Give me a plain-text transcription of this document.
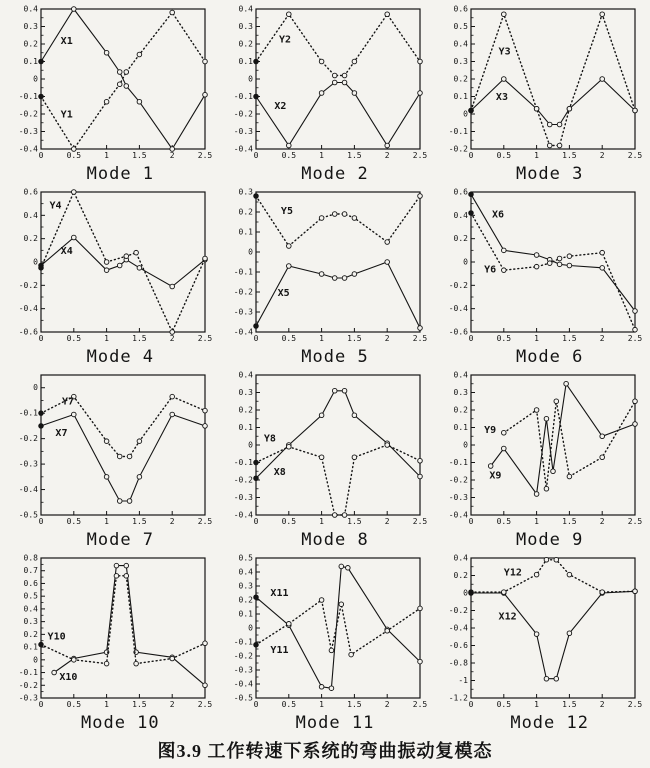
0.4
0.3
0.2
0.1
0
-0.1
-0.2
-0.3
-0.4
0	0.5	1	1.5	2	2.5
X1
Y1
Mode 1
0.4
0.3
0.2
0.1
0
-0.1
-0.2
-0.3
-0.4
0	0.5	1	1.5	2	2.5
X2
Y2
Mode 2
0.6
0.5
0.4
0.3
0.2
0.1
0
-0.1
-0.2
0	0.5	1	1.5	2	2.5
X3
Y3
Mode 3
0.6
0.4
0.2
0
-0.2
-0.4
-0.6
0	0.5	1	1.5	2	2.5
X4
Y4
Mode 4
0.3
0.2
0.1
0
-0.1
-0.2
-0.3
-0.4
0	0.5	1	1.5	2	2.5
X5
Y5
Mode 5
0.6
0.4
0.2
0
-0.2
-0.4
-0.6
0	0.5	1	1.5	2	2.5
X6
Y6
Mode 6
0
-0.1
-0.2
-0.3
-0.4
-0.5
0	0.5	1	1.5	2	2.5
X7
Y7
Mode 7
0.4
0.3
0.2
0.1
0
-0.1
-0.2
-0.3
-0.4
0	0.5	1	1.5	2	2.5
X8
Y8
Mode 8
0.4
0.3
0.2
0.1
0
-0.1
-0.2
-0.3
-0.4
0	0.5	1	1.5	2	2.5
X9
Y9
Mode 9
0.8
0.7
0.6
0.5
0.4
0.3
0.2
0.1
0
-0.1
-0.2
-0.3
0	0.5	1	1.5	2	2.5
X10
Y10
Mode 10
0.5
0.4
0.3
0.2
0.1
0
-0.1
-0.2
-0.3
-0.4
-0.5
0	0.5	1	1.5	2	2.5
X11
Y11
Mode 11
0.4
0.2
0
-0.2
-0.4
-0.6
-0.8
-1
-1.2
0	0.5	1	1.5	2	2.5
X12
Y12
Mode 12
图3.9 工作转速下系统的弯曲振动复模态
